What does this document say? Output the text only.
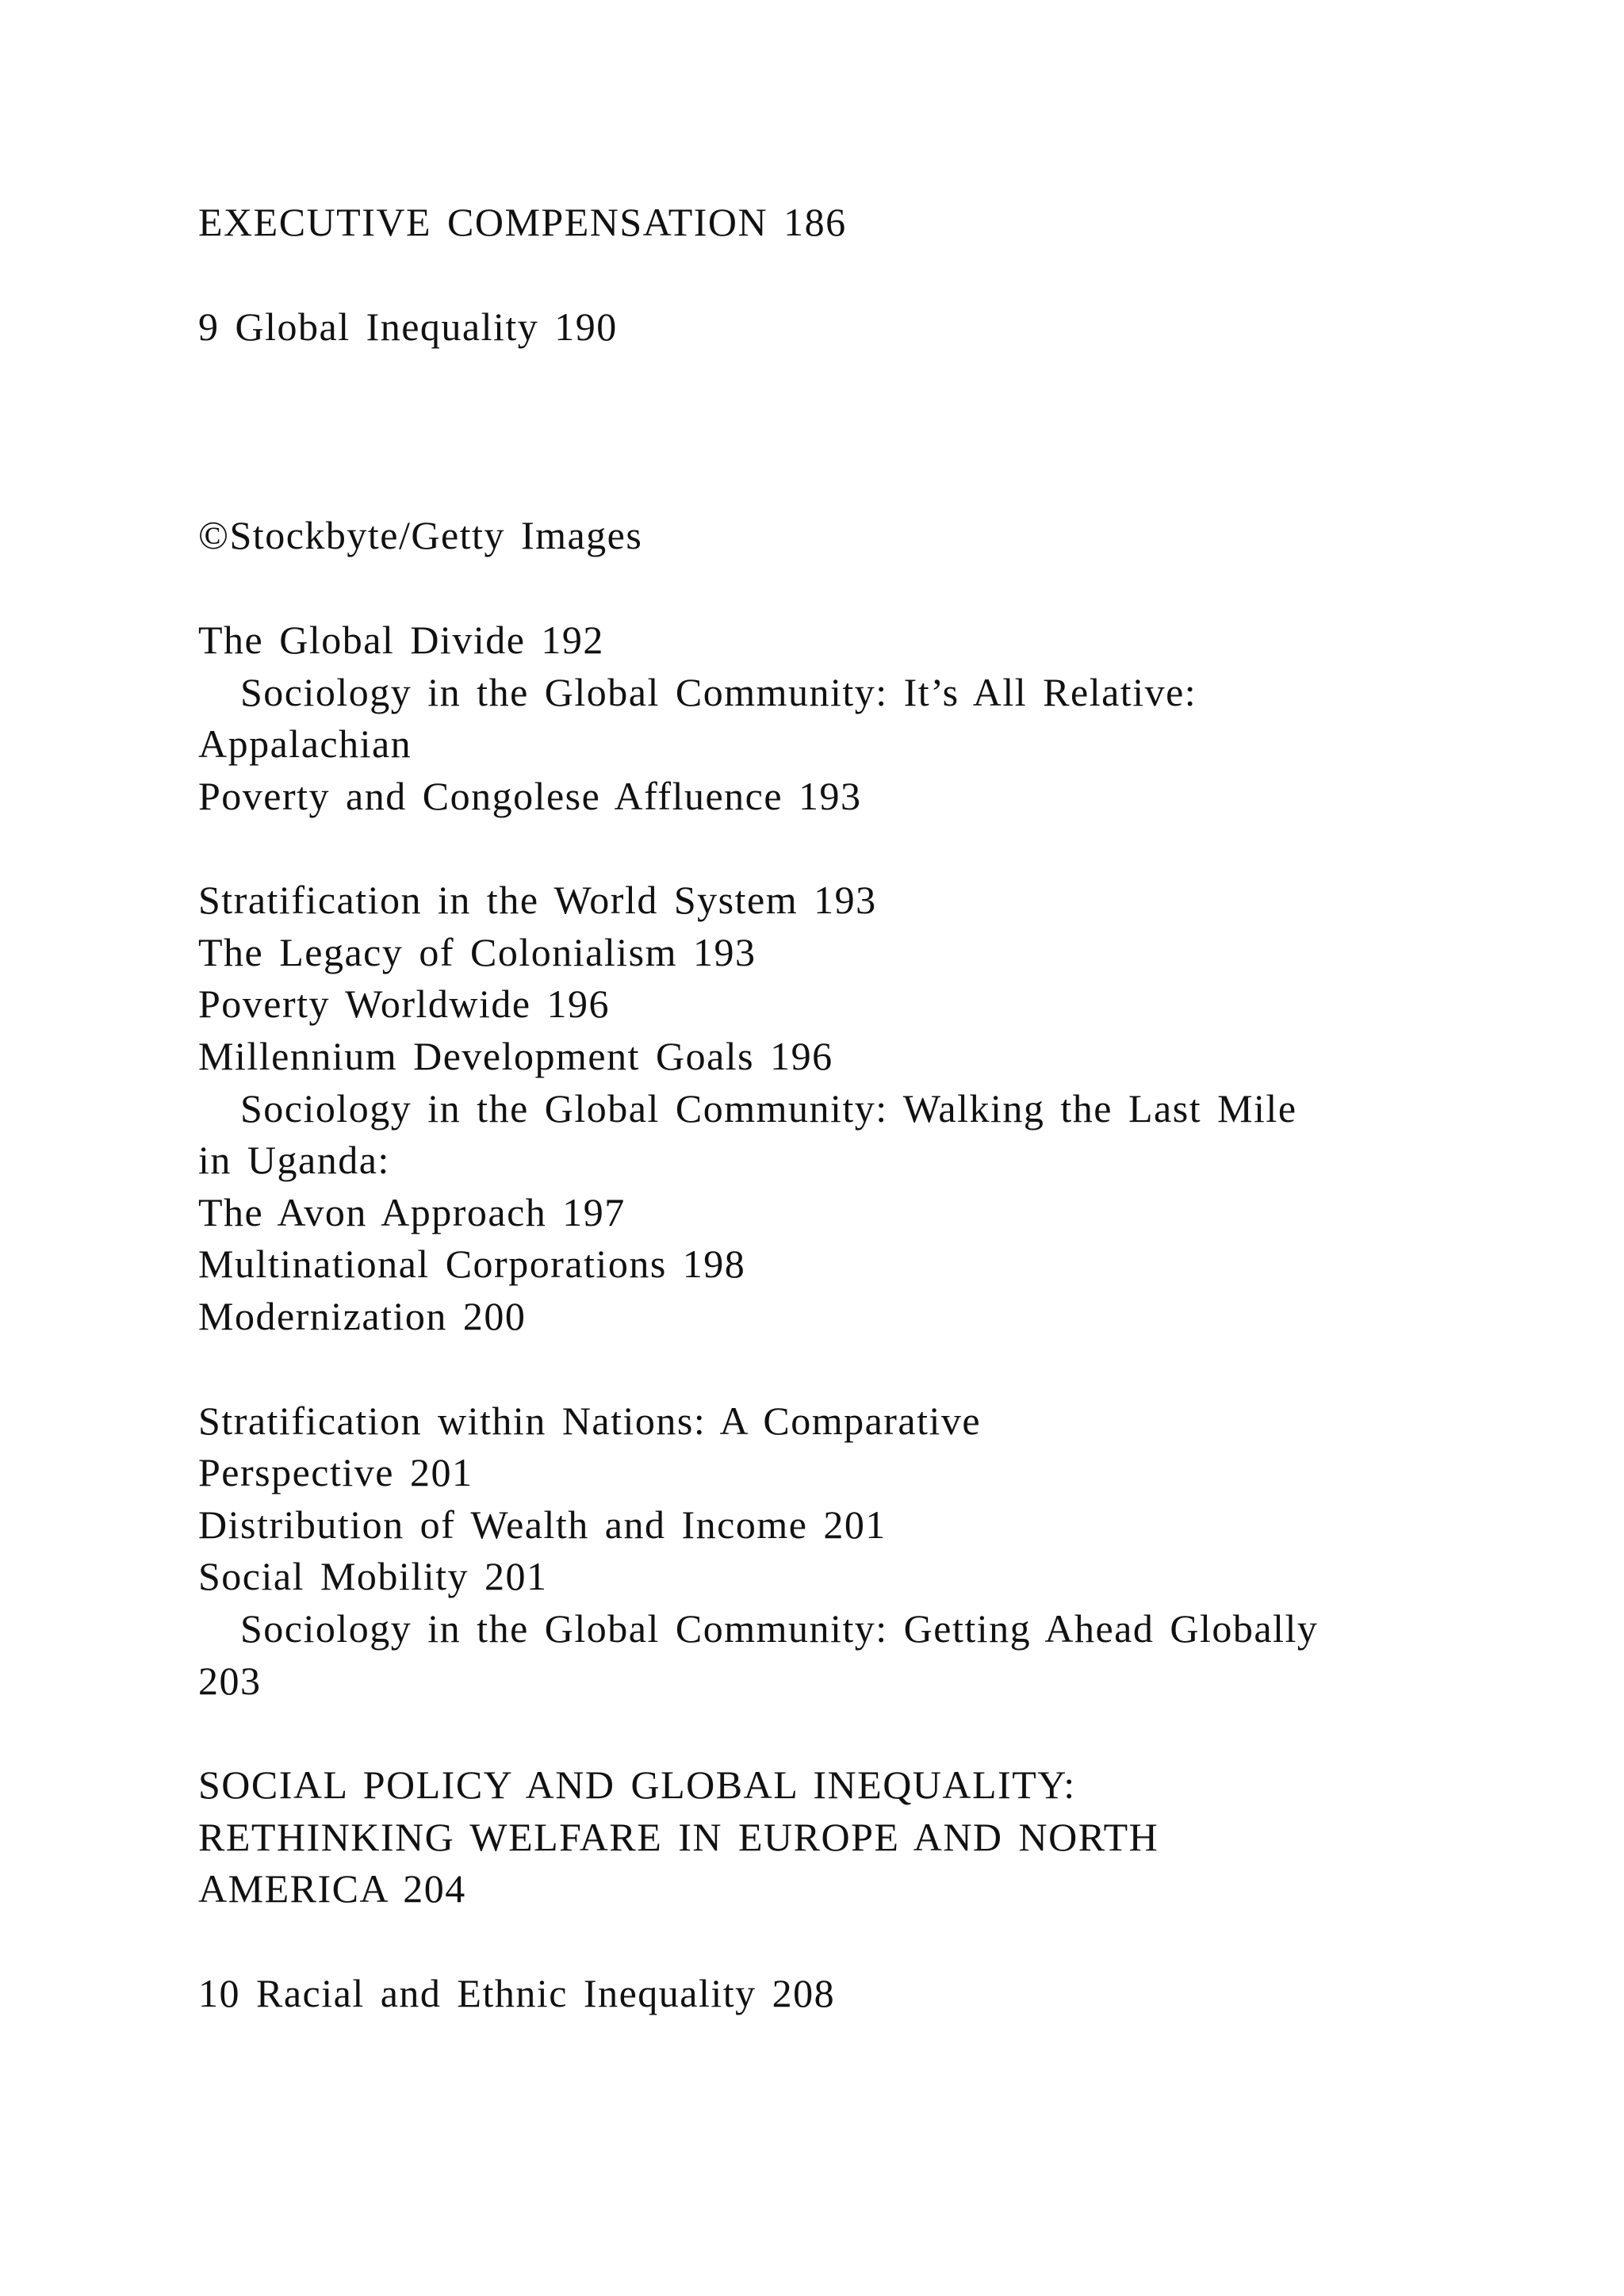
EXECUTIVE COMPENSATION 186
9 Global Inequality 190
©Stockbyte/Getty Images
The Global Divide 192
Sociology in the Global Community: It’s All Relative:
Appalachian
Poverty and Congolese Affluence 193
Stratification in the World System 193
The Legacy of Colonialism 193
Poverty Worldwide 196
Millennium Development Goals 196
Sociology in the Global Community: Walking the Last Mile
in Uganda:
The Avon Approach 197
Multinational Corporations 198
Modernization 200
Stratification within Nations: A Comparative
Perspective 201
Distribution of Wealth and Income 201
Social Mobility 201
Sociology in the Global Community: Getting Ahead Globally
203
SOCIAL POLICY AND GLOBAL INEQUALITY:
RETHINKING WELFARE IN EUROPE AND NORTH
AMERICA 204
10 Racial and Ethnic Inequality 208
